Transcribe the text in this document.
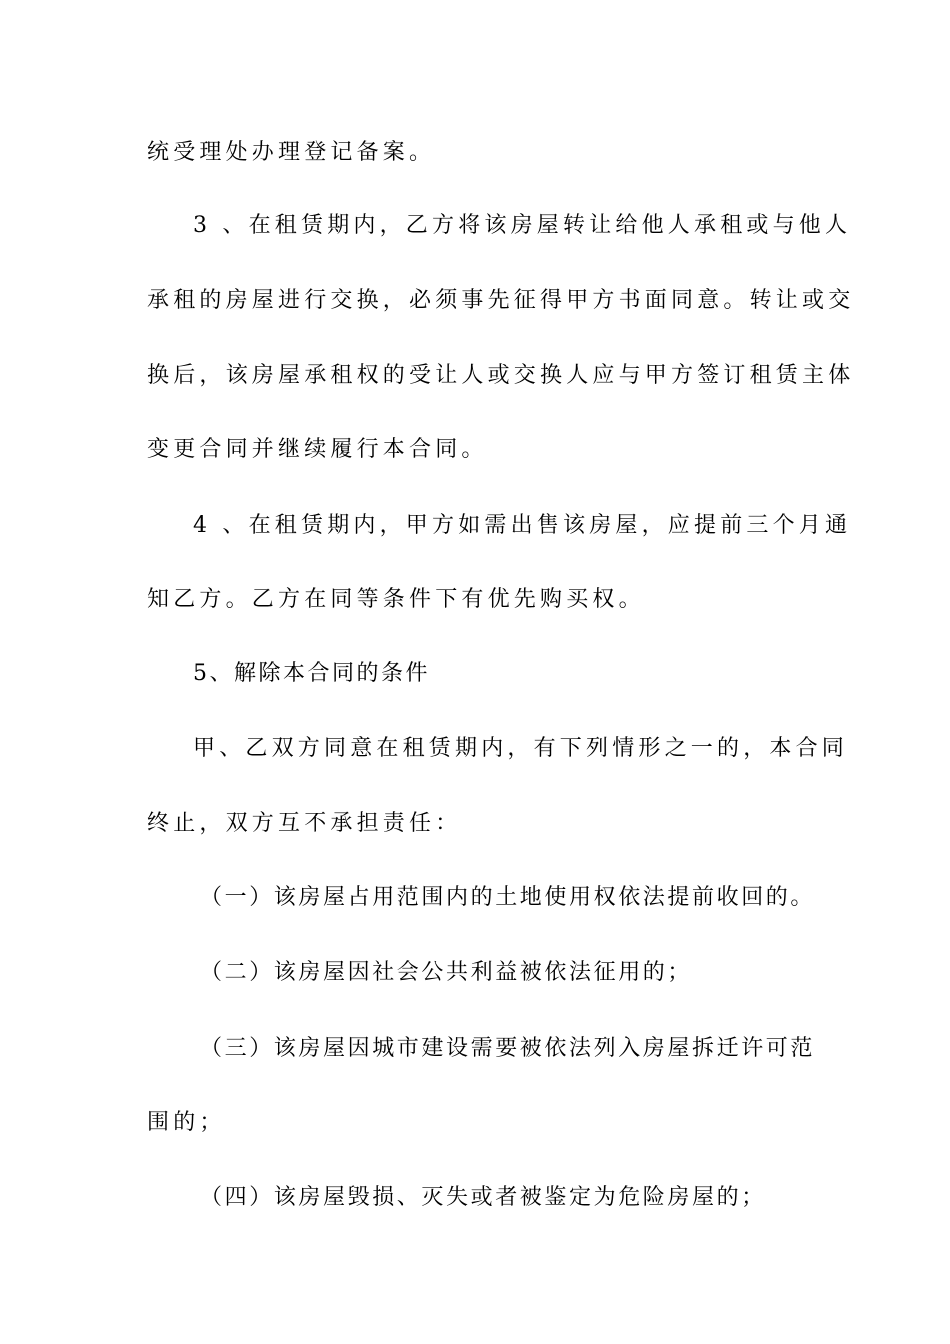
统受理处办理登记备案。
3 、在租赁期内，乙方将该房屋转让给他人承租或与他人
承租的房屋进行交换，必须事先征得甲方书面同意。转让或交
换后，该房屋承租权的受让人或交换人应与甲方签订租赁主体
变更合同并继续履行本合同。
4 、在租赁期内，甲方如需出售该房屋，应提前三个月通
知乙方。乙方在同等条件下有优先购买权。
5、解除本合同的条件
甲、乙双方同意在租赁期内，有下列情形之一的，本合同
终止，双方互不承担责任：
（一）该房屋占用范围内的土地使用权依法提前收回的。
（二）该房屋因社会公共利益被依法征用的；
（三）该房屋因城市建设需要被依法列入房屋拆迁许可范
围的；
（四）该房屋毁损、灭失或者被鉴定为危险房屋的；
